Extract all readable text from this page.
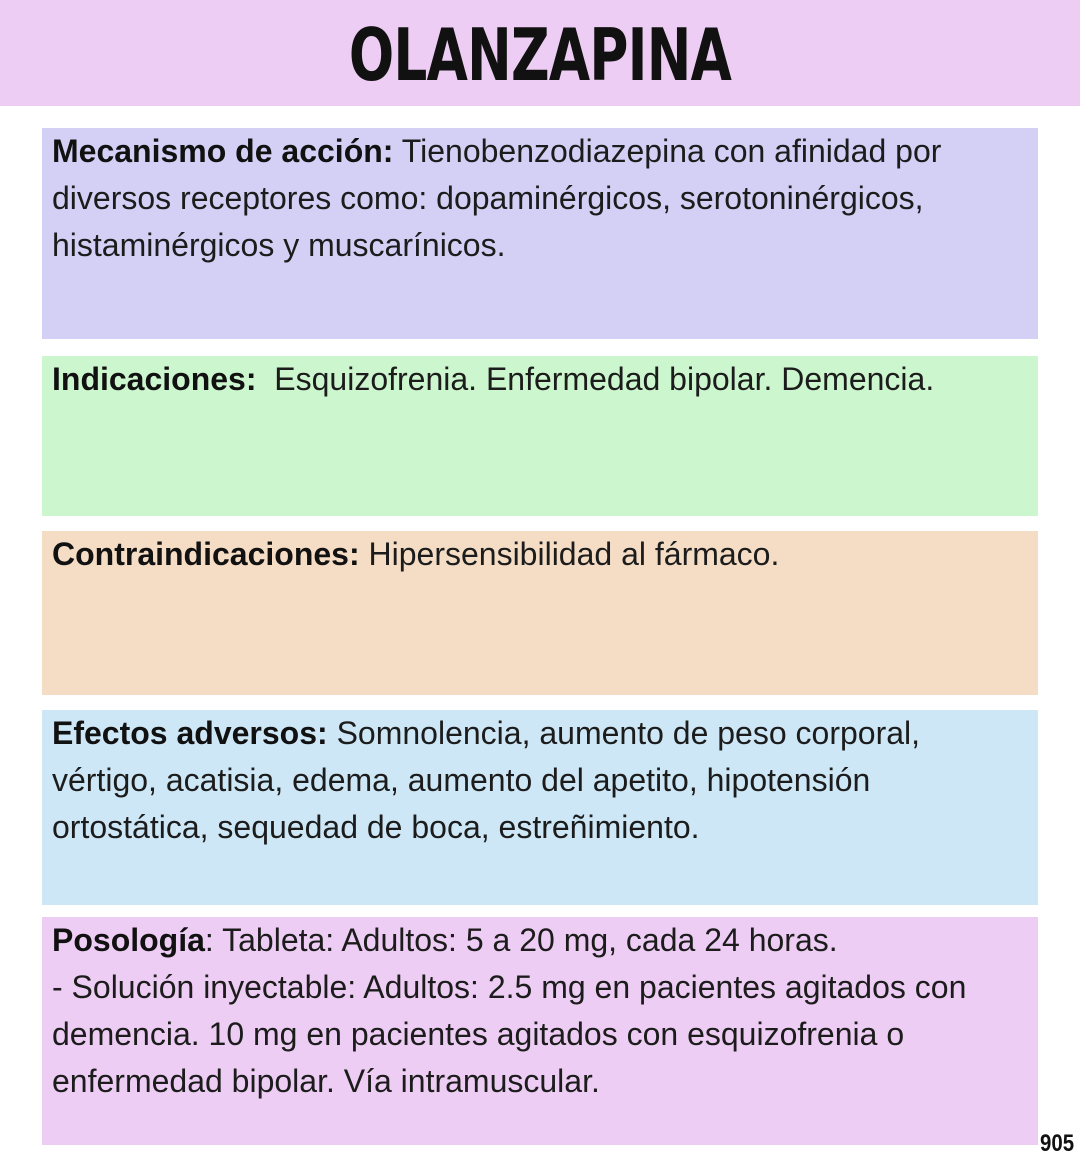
OLANZAPINA

Mecanismo de acción: Tienobenzodiazepina con afinidad por diversos receptores como: dopaminérgicos, serotoninérgicos, histaminérgicos y muscarínicos.

Indicaciones: Esquizofrenia. Enfermedad bipolar. Demencia.

Contraindicaciones: Hipersensibilidad al fármaco.

Efectos adversos: Somnolencia, aumento de peso corporal, vértigo, acatisia, edema, aumento del apetito, hipotensión ortostática, sequedad de boca, estreñimiento.

Posología: Tableta: Adultos: 5 a 20 mg, cada 24 horas.

- Solución inyectable: Adultos: 2.5 mg en pacientes agitados con demencia. 10 mg en pacientes agitados con esquizofrenia o enfermedad bipolar. Vía intramuscular.

905
